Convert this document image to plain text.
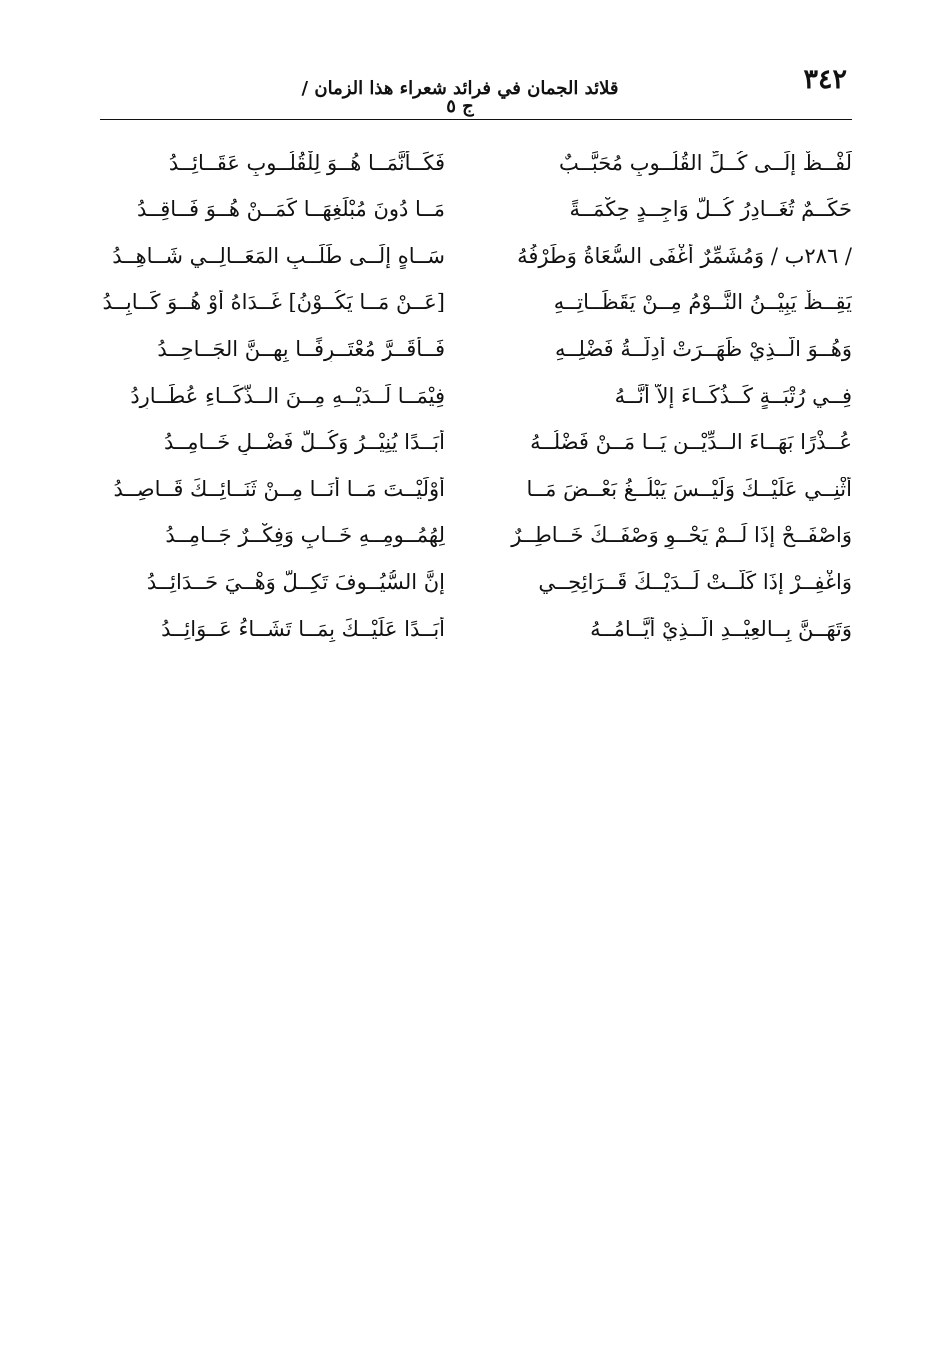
٣٤٢
قلائد الجمان في فرائد شعراء هذا الزمان / ج ٥
لَفْــظٌ إلَــى كُــلِّ القُلُــوبِ مُحَبَّــبٌ
فَكَــأَنَّمَــا هُــوَ لِلْقُلُــوبِ عَقَــائِــدُ
حَكَــمٌ تُغَــادِرُ كُــلَّ وَاجِــدٍ حِكْمَــةً
مَــا دُونَ مُبْلَغِهَــا كَمَــنْ هُــوَ فَــاقِــدُ
/ ٢٨٦ب / وَمُشَمِّرٌ أَغْفَى السُّعَاةُ وَطَرْفُهُ
سَــاهٍ إلَــى طَلَــبِ المَعَــالِــي شَــاهِــدُ
يَقِــظٌ يَبِيْــنُ النَّــوْمُ مِــنْ يَقَظَــاتِــهِ
[عَــنْ مَــا يَكُــوْنُ] غَــدَاهُ أَوْ هُــوَ كَــابِــدُ
وَهُــوَ الَّــذِيْ ظَهَــرَتْ أَدِلَّــةُ فَضْلِــهِ
فَــأَقَــرَّ مُعْتَــرِفًــا بِهِــنَّ الجَــاحِــدُ
فِــي رُتْبَــةٍ كَــذُكَــاءَ إلاَّ أَنَّــهُ
فِيْمَــا لَــدَيْــهِ مِــنَ الــذُّكَــاءِ عُطَــارِدُ
عُــذْرًا بَهَــاءَ الــدِّيْــنِ يَــا مَــنْ فَضْلُــهُ
أَبَــدًا يُنِيْــرُ وَكُــلُّ فَضْــلٍ خَــامِــدُ
أُثْنِــي عَلَيْــكَ وَلَيْــسَ يَبْلُــغُ بَعْــضَ مَــا
أَوْلَيْــتَ مَــا أَنَــا مِــنْ ثَنَــائِــكَ قَــاصِــدُ
وَاصْفَــحْ إذَا لَــمْ يَحْــوِ وَصْفَــكَ خَــاطِــرٌ
لِهُمُــومِــهِ خَــابٍ وَفِكْــرٌ جَــامِــدُ
وَاغْفِــرْ إذَا كَلَّــتْ لَــدَيْــكَ قَــرَائِحِــي
إنَّ السُّيُــوفَ تَكِــلُّ وَهْــيَ حَــدَائِــدُ
وَتَهَــنَّ بِــالعِيْــدِ الَّــذِيْ أَيَّــامُــهُ
أَبَــدًا عَلَيْــكَ بِمَــا تَشَــاءُ عَــوَائِــدُ
